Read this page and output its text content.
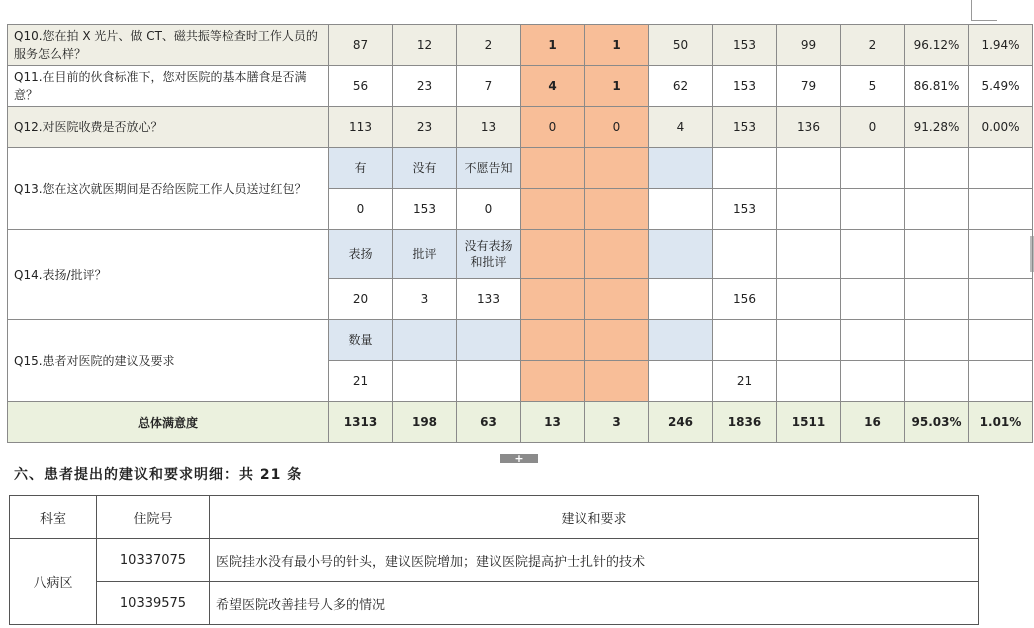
Q10.您在拍 X 光片、做 CT、磁共振等检查时工作人员的服务怎么样？	87	12	2	1	1	50	153	99	2	96.12%	1.94%
Q11.在目前的伙食标准下，您对医院的基本膳食是否满意？	56	23	7	4	1	62	153	79	5	86.81%	5.49%
Q12.对医院收费是否放心？	113	23	13	0	0	4	153	136	0	91.28%	0.00%
Q13.您在这次就医期间是否给医院工作人员送过红包？	有	没有	不愿告知								
	0	153	0				153				
Q14.表扬/批评？	表扬	批评	没有表扬和批评								
	20	3	133				156				
Q15.患者对医院的建议及要求	数量										
	21						21				
总体满意度	1313	198	63	13	3	246	1836	1511	16	95.03%	1.01%
+
六、患者提出的建议和要求明细：共 21 条
科室	住院号	建议和要求
八病区	10337075	医院挂水没有最小号的针头，建议医院增加；建议医院提高护士扎针的技术
	10339575	希望医院改善挂号人多的情况
